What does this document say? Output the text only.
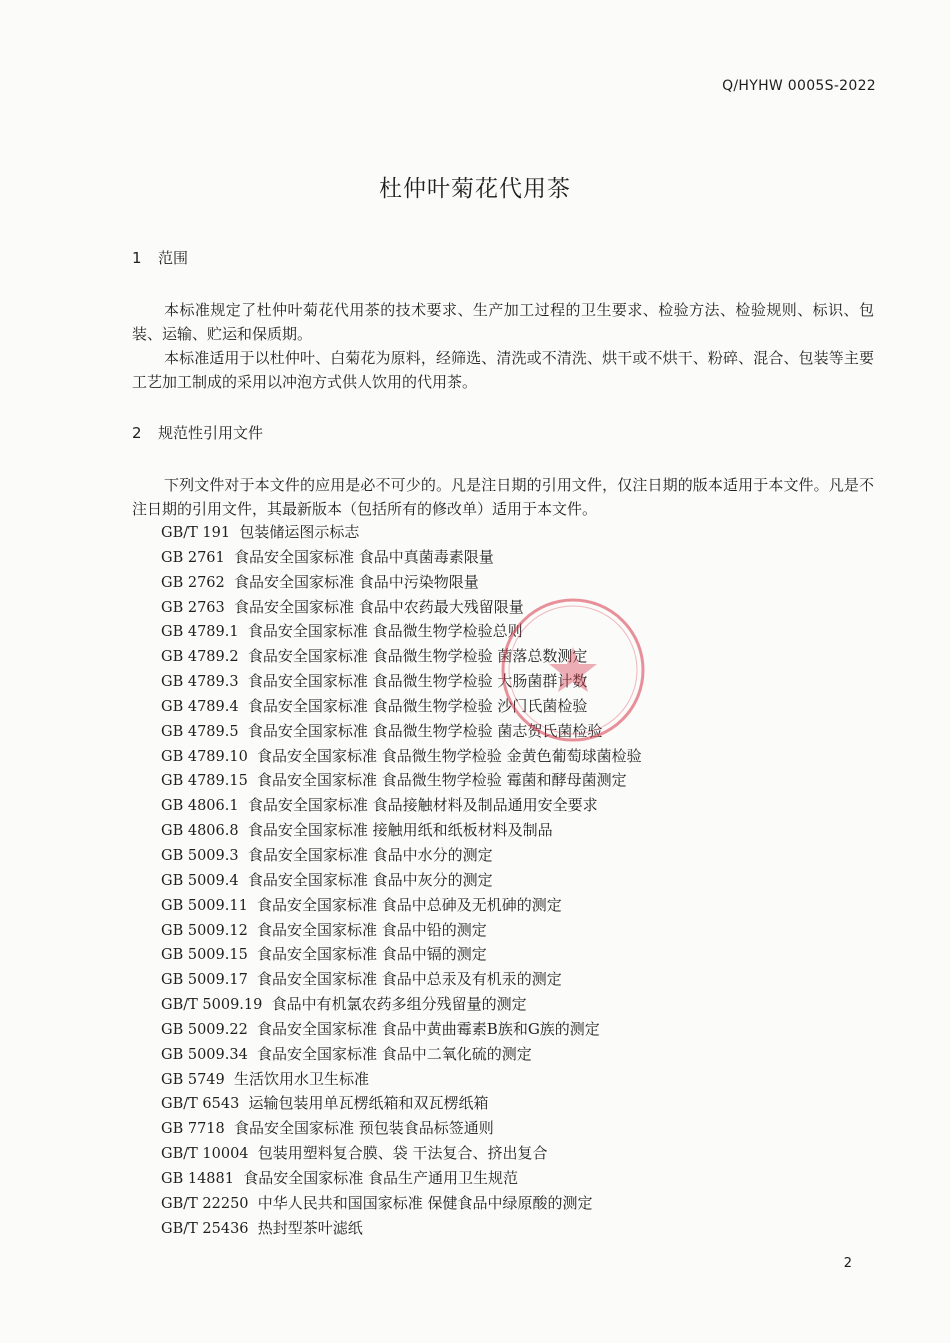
Q/HYHW 0005S-2022
杜仲叶菊花代用茶
1 范围
本标准规定了杜仲叶菊花代用茶的技术要求、生产加工过程的卫生要求、检验方法、检验规则、标识、包装、运输、贮运和保质期。
本标准适用于以杜仲叶、白菊花为原料，经筛选、清洗或不清洗、烘干或不烘干、粉碎、混合、包装等主要工艺加工制成的采用以冲泡方式供人饮用的代用茶。
2 规范性引用文件
下列文件对于本文件的应用是必不可少的。凡是注日期的引用文件，仅注日期的版本适用于本文件。凡是不注日期的引用文件，其最新版本（包括所有的修改单）适用于本文件。
GB/T 191 包装储运图示标志
GB 2761 食品安全国家标准 食品中真菌毒素限量
GB 2762 食品安全国家标准 食品中污染物限量
GB 2763 食品安全国家标准 食品中农药最大残留限量
GB 4789.1 食品安全国家标准 食品微生物学检验总则
GB 4789.2 食品安全国家标准 食品微生物学检验 菌落总数测定
GB 4789.3 食品安全国家标准 食品微生物学检验 大肠菌群计数
GB 4789.4 食品安全国家标准 食品微生物学检验 沙门氏菌检验
GB 4789.5 食品安全国家标准 食品微生物学检验 菌志贺氏菌检验
GB 4789.10 食品安全国家标准 食品微生物学检验 金黄色葡萄球菌检验
GB 4789.15 食品安全国家标准 食品微生物学检验 霉菌和酵母菌测定
GB 4806.1 食品安全国家标准 食品接触材料及制品通用安全要求
GB 4806.8 食品安全国家标准 接触用纸和纸板材料及制品
GB 5009.3 食品安全国家标准 食品中水分的测定
GB 5009.4 食品安全国家标准 食品中灰分的测定
GB 5009.11 食品安全国家标准 食品中总砷及无机砷的测定
GB 5009.12 食品安全国家标准 食品中铅的测定
GB 5009.15 食品安全国家标准 食品中镉的测定
GB 5009.17 食品安全国家标准 食品中总汞及有机汞的测定
GB/T 5009.19 食品中有机氯农药多组分残留量的测定
GB 5009.22 食品安全国家标准 食品中黄曲霉素B族和G族的测定
GB 5009.34 食品安全国家标准 食品中二氧化硫的测定
GB 5749 生活饮用水卫生标准
GB/T 6543 运输包装用单瓦楞纸箱和双瓦楞纸箱
GB 7718 食品安全国家标准 预包装食品标签通则
GB/T 10004 包装用塑料复合膜、袋 干法复合、挤出复合
GB 14881 食品安全国家标准 食品生产通用卫生规范
GB/T 22250 中华人民共和国国家标准 保健食品中绿原酸的测定
GB/T 25436 热封型茶叶滤纸
2
